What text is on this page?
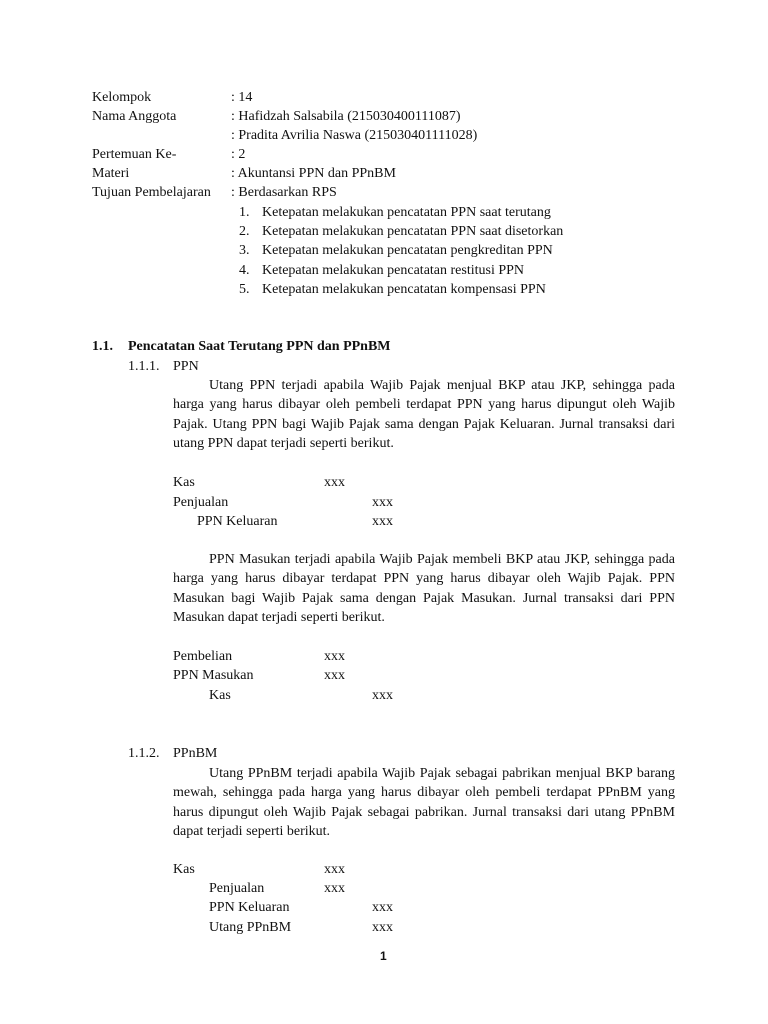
Kelompok	: 14
Nama Anggota	: Hafidzah Salsabila (215030400111087)
: Pradita Avrilia Naswa (215030401111028)
Pertemuan Ke-	: 2
Materi	: Akuntansi PPN dan PPnBM
Tujuan Pembelajaran : Berdasarkan RPS
1. Ketepatan melakukan pencatatan PPN saat terutang
2. Ketepatan melakukan pencatatan PPN saat disetorkan
3. Ketepatan melakukan pencatatan pengkreditan PPN
4. Ketepatan melakukan pencatatan restitusi PPN
5. Ketepatan melakukan pencatatan kompensasi PPN
1.1. Pencatatan Saat Terutang PPN dan PPnBM
1.1.1. PPN
Utang PPN terjadi apabila Wajib Pajak menjual BKP atau JKP, sehingga pada harga yang harus dibayar oleh pembeli terdapat PPN yang harus dipungut oleh Wajib Pajak. Utang PPN bagi Wajib Pajak sama dengan Pajak Keluaran. Jurnal transaksi dari utang PPN dapat terjadi seperti berikut.
Kas	xxx
Penjualan	xxx
PPN Keluaran	xxx
PPN Masukan terjadi apabila Wajib Pajak membeli BKP atau JKP, sehingga pada harga yang harus dibayar terdapat PPN yang harus dibayar oleh Wajib Pajak. PPN Masukan bagi Wajib Pajak sama dengan Pajak Masukan. Jurnal transaksi dari PPN Masukan dapat terjadi seperti berikut.
Pembelian	xxx
PPN Masukan	xxx
Kas	xxx
1.1.2. PPnBM
Utang PPnBM terjadi apabila Wajib Pajak sebagai pabrikan menjual BKP barang mewah, sehingga pada harga yang harus dibayar oleh pembeli terdapat PPnBM yang harus dipungut oleh Wajib Pajak sebagai pabrikan. Jurnal transaksi dari utang PPnBM dapat terjadi seperti berikut.
Kas	xxx
Penjualan	xxx
PPN Keluaran	xxx
Utang PPnBM	xxx
1
